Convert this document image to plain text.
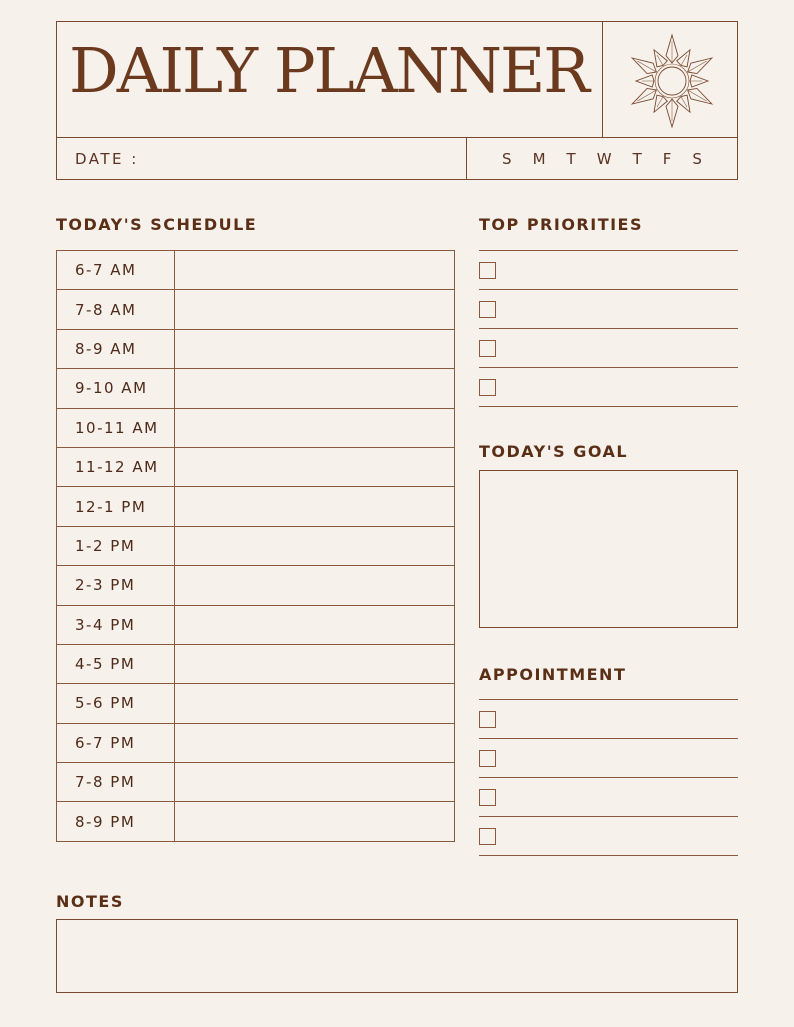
DAILY PLANNER
DATE :	S M T W T F S
TODAY'S SCHEDULE
6-7 AM	
7-8 AM	
8-9 AM	
9-10 AM	
10-11 AM	
11-12 AM	
12-1 PM	
1-2 PM	
2-3 PM	
3-4 PM	
4-5 PM	
5-6 PM	
6-7 PM	
7-8 PM	
8-9 PM	
TOP PRIORITIES
TODAY'S GOAL
APPOINTMENT
NOTES
